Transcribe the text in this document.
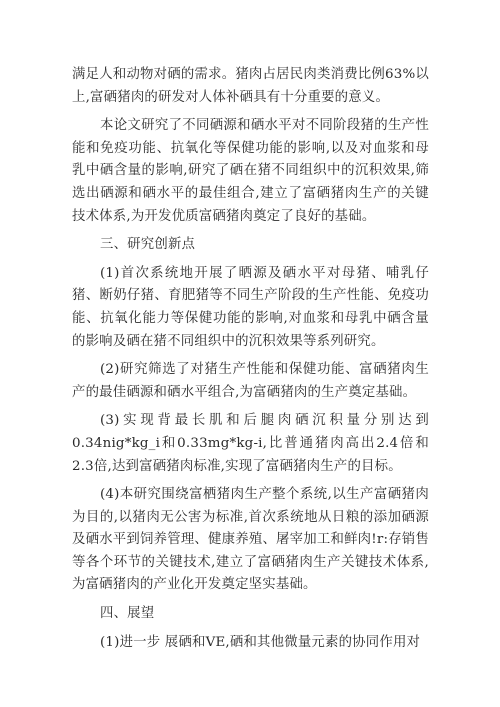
满足人和动物对硒的需求。猪肉占居民肉类消费比例63%以上,富硒猪肉的研发对人体补硒具有十分重要的意义。

本论文研究了不同硒源和硒水平对不同阶段猪的生产性能和免疫功能、抗氧化等保健功能的影响,以及对血浆和母乳中硒含量的影响,研究了硒在猪不同组织中的沉积效果,筛选出硒源和硒水平的最佳组合,建立了富硒猪肉生产的关键技术体系,为开发优质富硒猪肉奠定了良好的基础。

三、研究创新点

(1)首次系统地开展了晒源及硒水平对母猪、哺乳仔猪、断奶仔猪、育肥猪等不同生产阶段的生产性能、免疫功能、抗氧化能力等保健功能的影响,对血浆和母乳中硒含量的影响及硒在猪不同组织中的沉积效果等系列研究。

(2)研究筛选了对猪生产性能和保健功能、富硒猪肉生产的最佳硒源和硒水平组合,为富硒猪肉的生产奠定基础。

(3)实现背最长肌和后腿肉硒沉积量分别达到0.34nig*kg_i和0.33mg*kg-i,比普通猪肉高出2.4倍和2.3倍,达到富硒猪肉标准,实现了富硒猪肉生产的目标。

(4)本研究围绕富栖猪肉生产整个系统,以生产富硒猪肉为目的,以猪肉无公害为标准,首次系统地从日粮的添加硒源及硒水平到饲养管理、健康养殖、屠宰加工和鲜肉!r:存销售等各个环节的关键技术,建立了富硒猪肉生产关键技术体系,为富硒猪肉的产业化开发奠定坚实基础。

四、展望

(1)进一步 展硒和VE,硒和其他微量元素的协同作用对
